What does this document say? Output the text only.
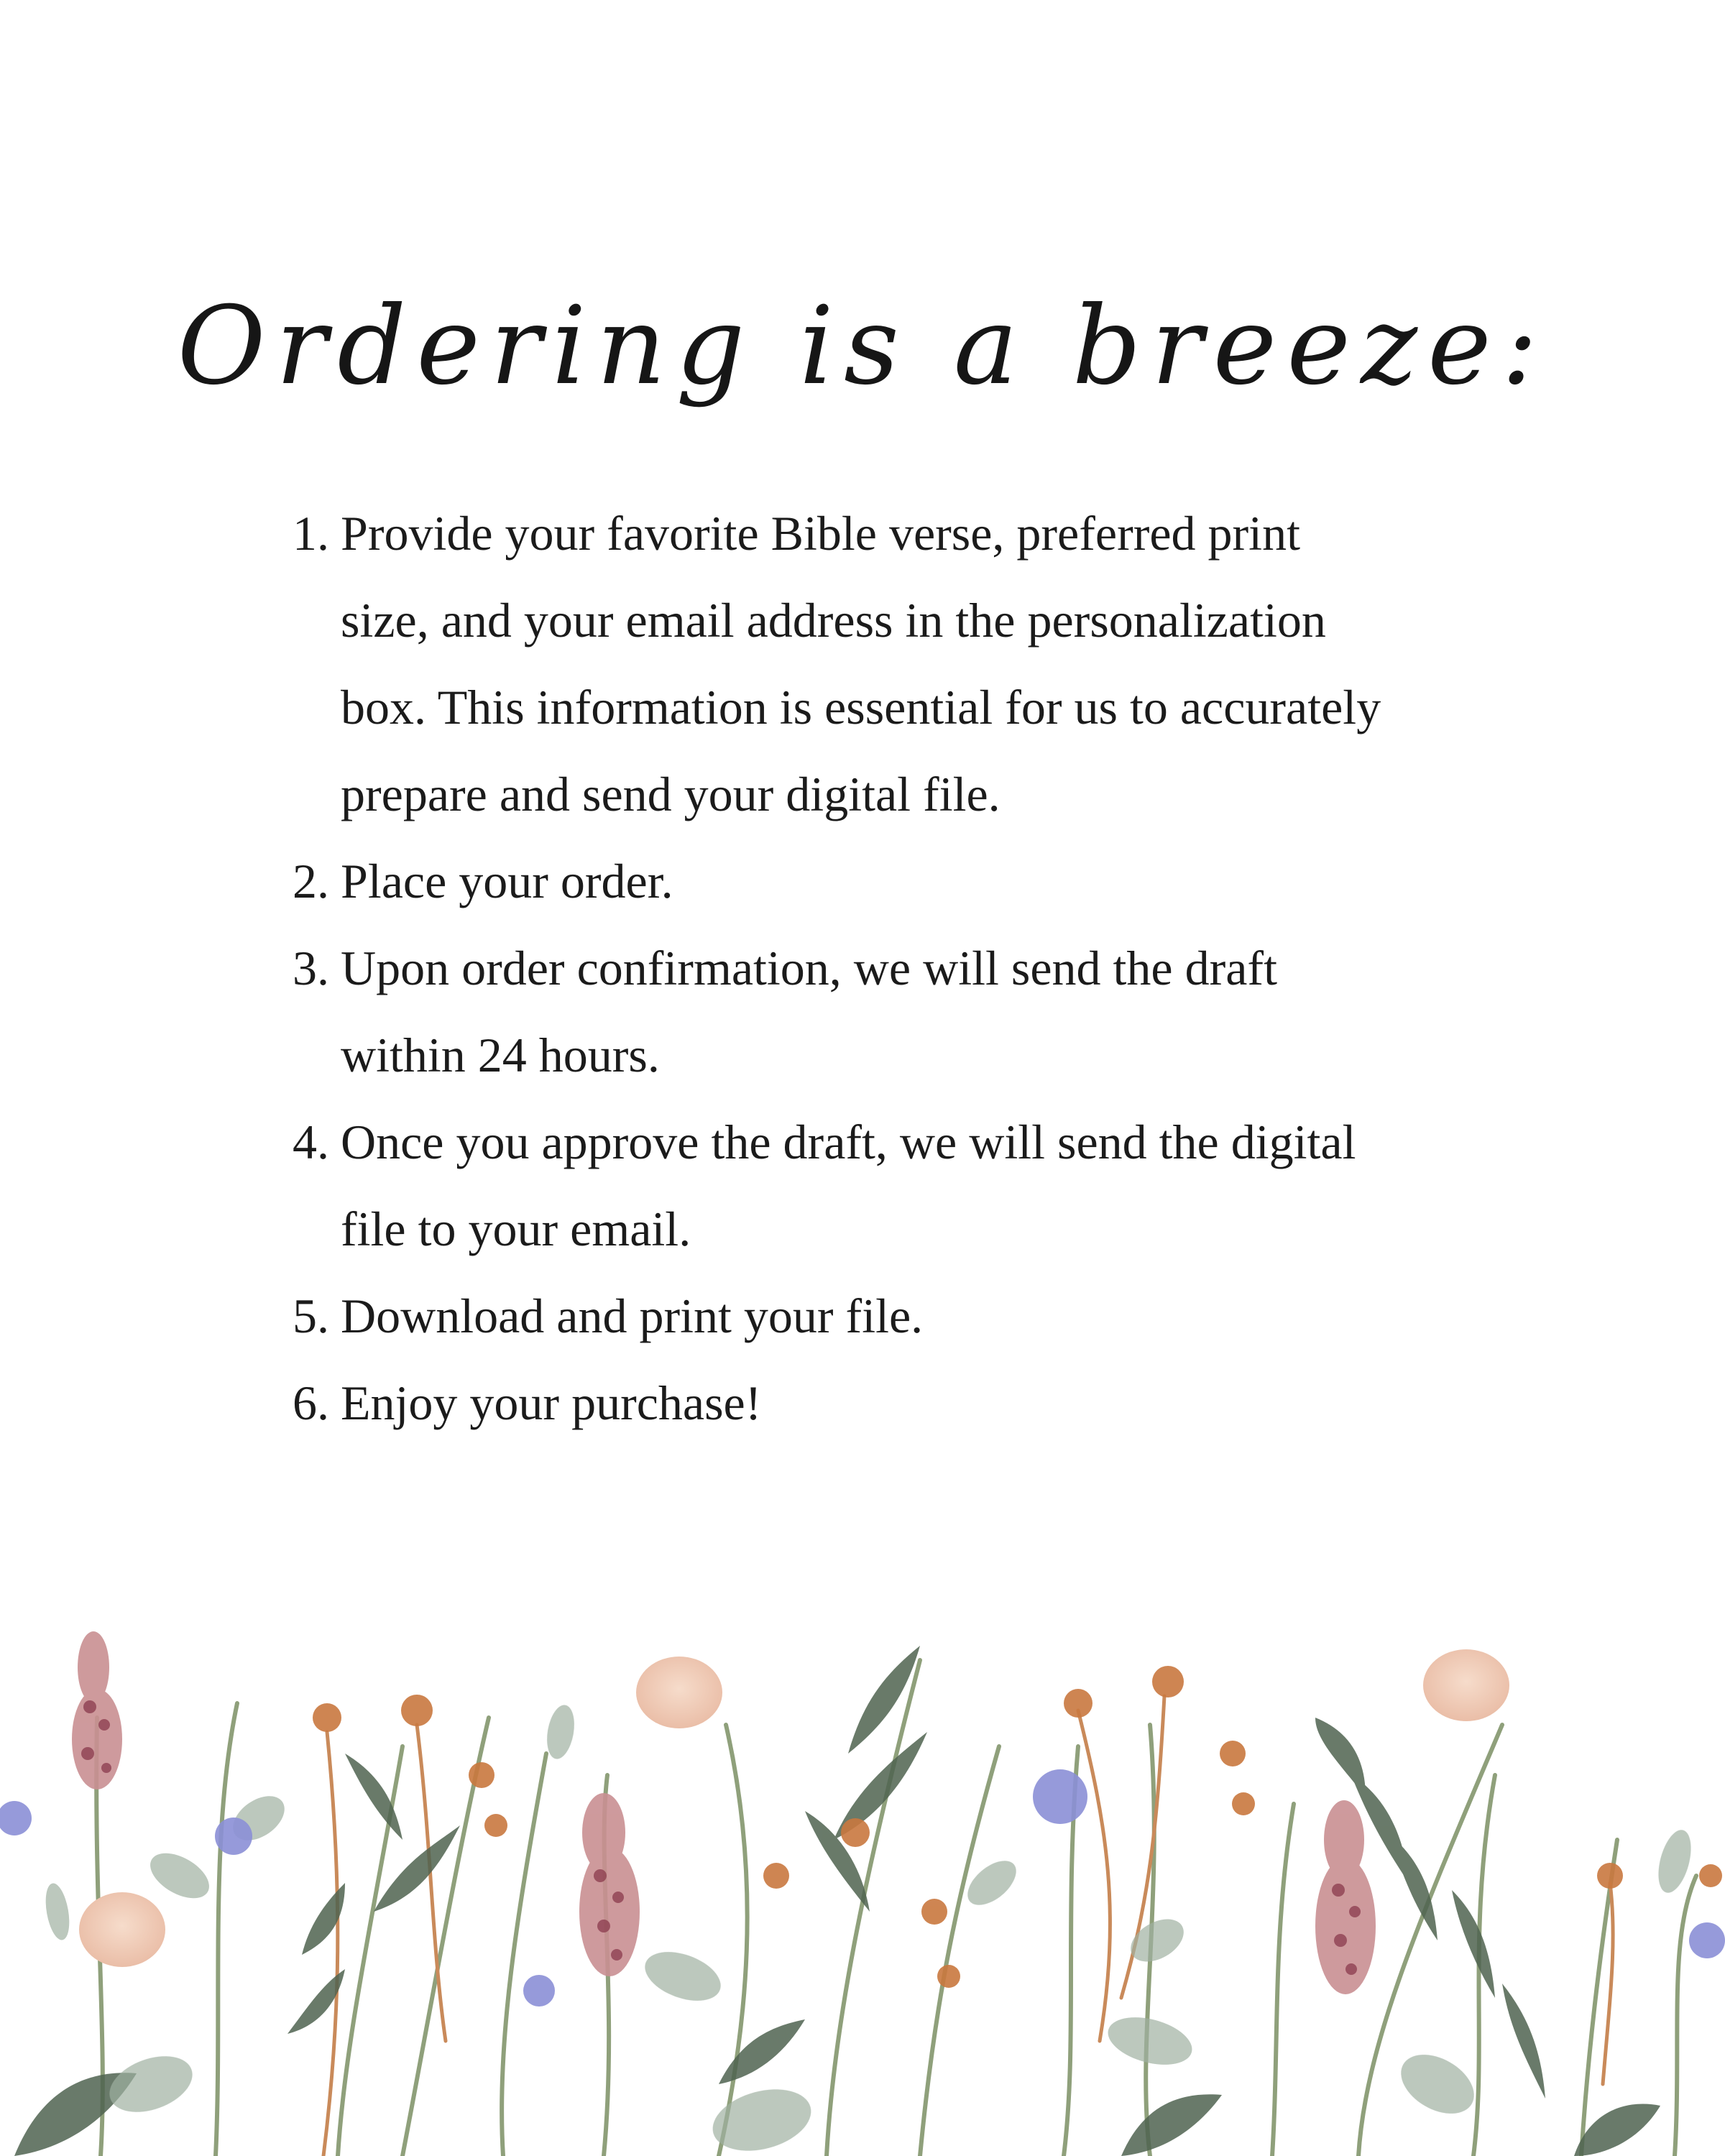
Ordering is a breeze:
1. Provide your favorite Bible verse, preferred print
size, and your email address in the personalization
box. This information is essential for us to accurately
prepare and send your digital file.
2. Place your order.
3. Upon order confirmation, we will send the draft
within 24 hours.
4. Once you approve the draft, we will send the digital
file to your email.
5. Download and print your file.
6. Enjoy your purchase!
